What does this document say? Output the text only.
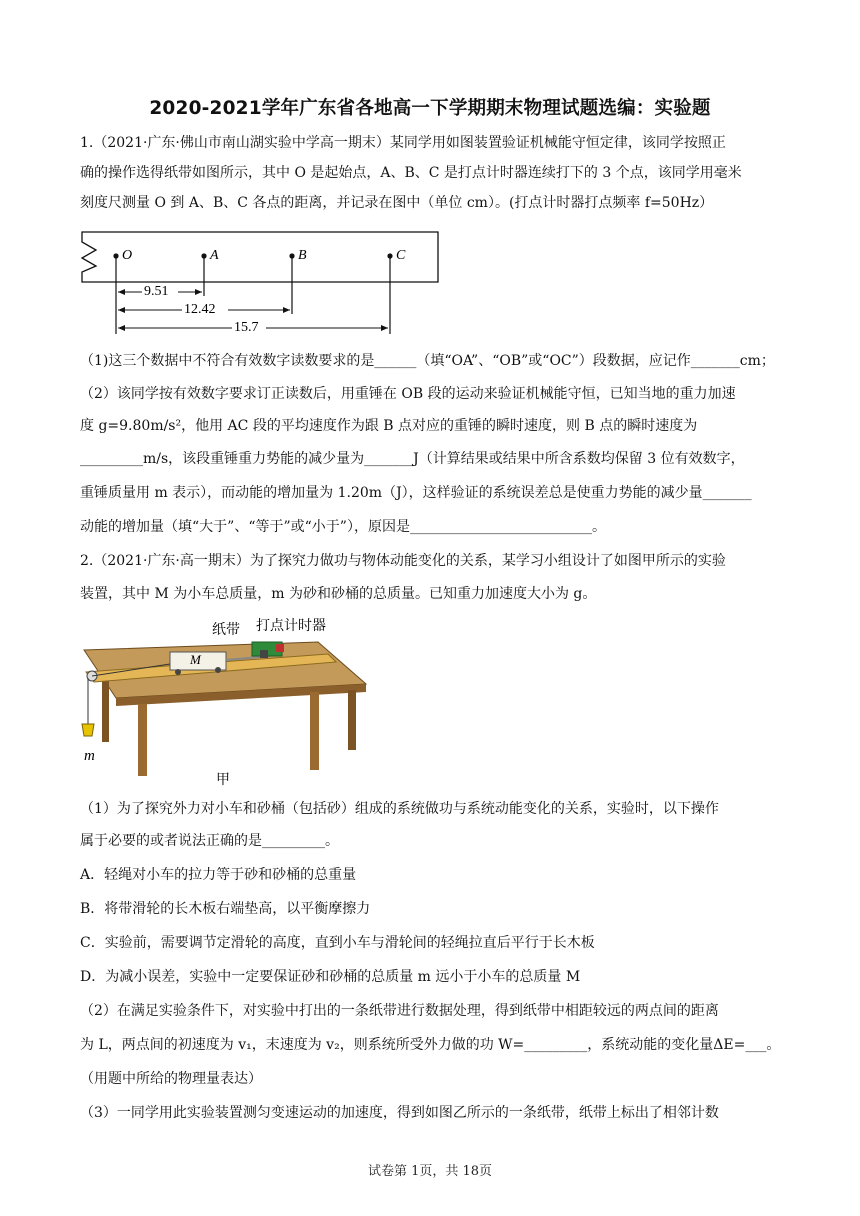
2020-2021学年广东省各地高一下学期期末物理试题选编：实验题
1.（2021·广东·佛山市南山湖实验中学高一期末）某同学用如图装置验证机械能守恒定律，该同学按照正
确的操作选得纸带如图所示，其中 O 是起始点，A、B、C 是打点计时器连续打下的 3 个点，该同学用毫米
刻度尺测量 O 到 A、B、C 各点的距离，并记录在图中（单位 cm）。(打点计时器打点频率 f=50Hz）
O	A	B	C
9.51
12.42
15.7
（1)这三个数据中不符合有效数字读数要求的是______（填“OA”、“OB”或“OC”）段数据，应记作_______cm；
（2）该同学按有效数字要求订正读数后，用重锤在 OB 段的运动来验证机械能守恒，已知当地的重力加速
度 g=9.80m/s²，他用 AC 段的平均速度作为跟 B 点对应的重锤的瞬时速度，则 B 点的瞬时速度为
_________m/s，该段重锤重力势能的减少量为_______J（计算结果或结果中所含系数均保留 3 位有效数字，
重锤质量用 m 表示），而动能的增加量为 1.20m（J），这样验证的系统误差总是使重力势能的减少量_______
动能的增加量（填“大于”、“等于”或“小于”），原因是__________________________。
2.（2021·广东·高一期末）为了探究力做功与物体动能变化的关系，某学习小组设计了如图甲所示的实验
装置，其中 M 为小车总质量，m 为砂和砂桶的总质量。已知重力加速度大小为 g。
纸带 打点计时器
M
m
甲
（1）为了探究外力对小车和砂桶（包括砂）组成的系统做功与系统动能变化的关系，实验时，以下操作
属于必要的或者说法正确的是_________。
A．轻绳对小车的拉力等于砂和砂桶的总重量
B．将带滑轮的长木板右端垫高，以平衡摩擦力
C．实验前，需要调节定滑轮的高度，直到小车与滑轮间的轻绳拉直后平行于长木板
D．为减小误差，实验中一定要保证砂和砂桶的总质量 m 远小于小车的总质量 M
（2）在满足实验条件下，对实验中打出的一条纸带进行数据处理，得到纸带中相距较远的两点间的距离
为 L，两点间的初速度为 v₁，末速度为 v₂，则系统所受外力做的功 W=_________，系统动能的变化量ΔE=___。
（用题中所给的物理量表达）
（3）一同学用此实验装置测匀变速运动的加速度，得到如图乙所示的一条纸带，纸带上标出了相邻计数
试卷第 1页，共 18页
